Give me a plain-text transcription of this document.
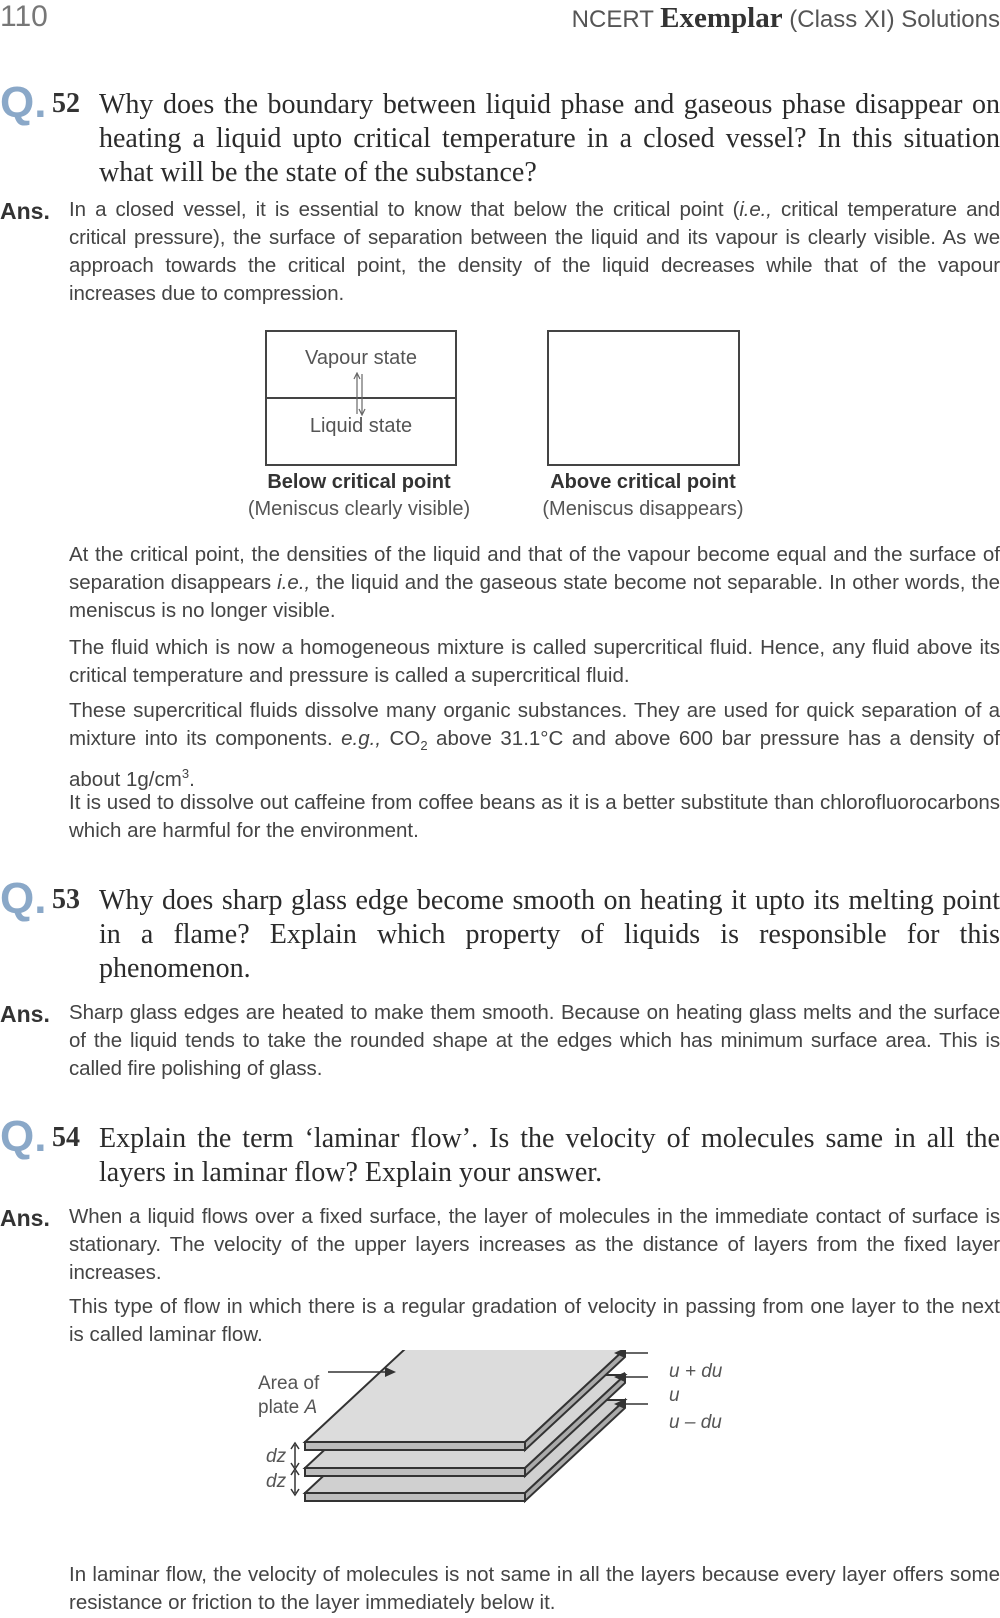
110	NCERT Exemplar (Class XI) Solutions
Q. 52 Why does the boundary between liquid phase and gaseous phase disappear on heating a liquid upto critical temperature in a closed vessel? In this situation what will be the state of the substance?
Ans. In a closed vessel, it is essential to know that below the critical point (i.e., critical temperature and critical pressure), the surface of separation between the liquid and its vapour is clearly visible. As we approach towards the critical point, the density of the liquid decreases while that of the vapour increases due to compression.
Vapour state
Liquid state
Below critical point
(Meniscus clearly visible)
Above critical point
(Meniscus disappears)

At the critical point, the densities of the liquid and that of the vapour become equal and the surface of separation disappears i.e., the liquid and the gaseous state become not separable. In other words, the meniscus is no longer visible.

The fluid which is now a homogeneous mixture is called supercritical fluid. Hence, any fluid above its critical temperature and pressure is called a supercritical fluid.

These supercritical fluids dissolve many organic substances. They are used for quick separation of a mixture into its components. e.g., $CO_2$ above 31.1°C and above 600 bar pressure has a density of about $1g/cm^3$.

It is used to dissolve out caffeine from coffee beans as it is a better substitute than chlorofluorocarbons which are harmful for the environment.

Q. 53 Why does sharp glass edge become smooth on heating it upto its melting point in a flame? Explain which property of liquids is responsible for this phenomenon.
Ans. Sharp glass edges are heated to make them smooth. Because on heating glass melts and the surface of the liquid tends to take the rounded shape at the edges which has minimum surface area. This is called fire polishing of glass.
Q. 54 Explain the term ‘laminar flow’. Is the velocity of molecules same in all the layers in laminar flow? Explain your answer.
Ans. When a liquid flows over a fixed surface, the layer of molecules in the immediate contact of surface is stationary. The velocity of the upper layers increases as the distance of layers from the fixed layer increases.

This type of flow in which there is a regular gradation of velocity in passing from one layer to the next is called laminar flow.

Area of
plate A
u + du
u
u – du
dz
dz

In laminar flow, the velocity of molecules is not same in all the layers because every layer offers some resistance or friction to the layer immediately below it.
